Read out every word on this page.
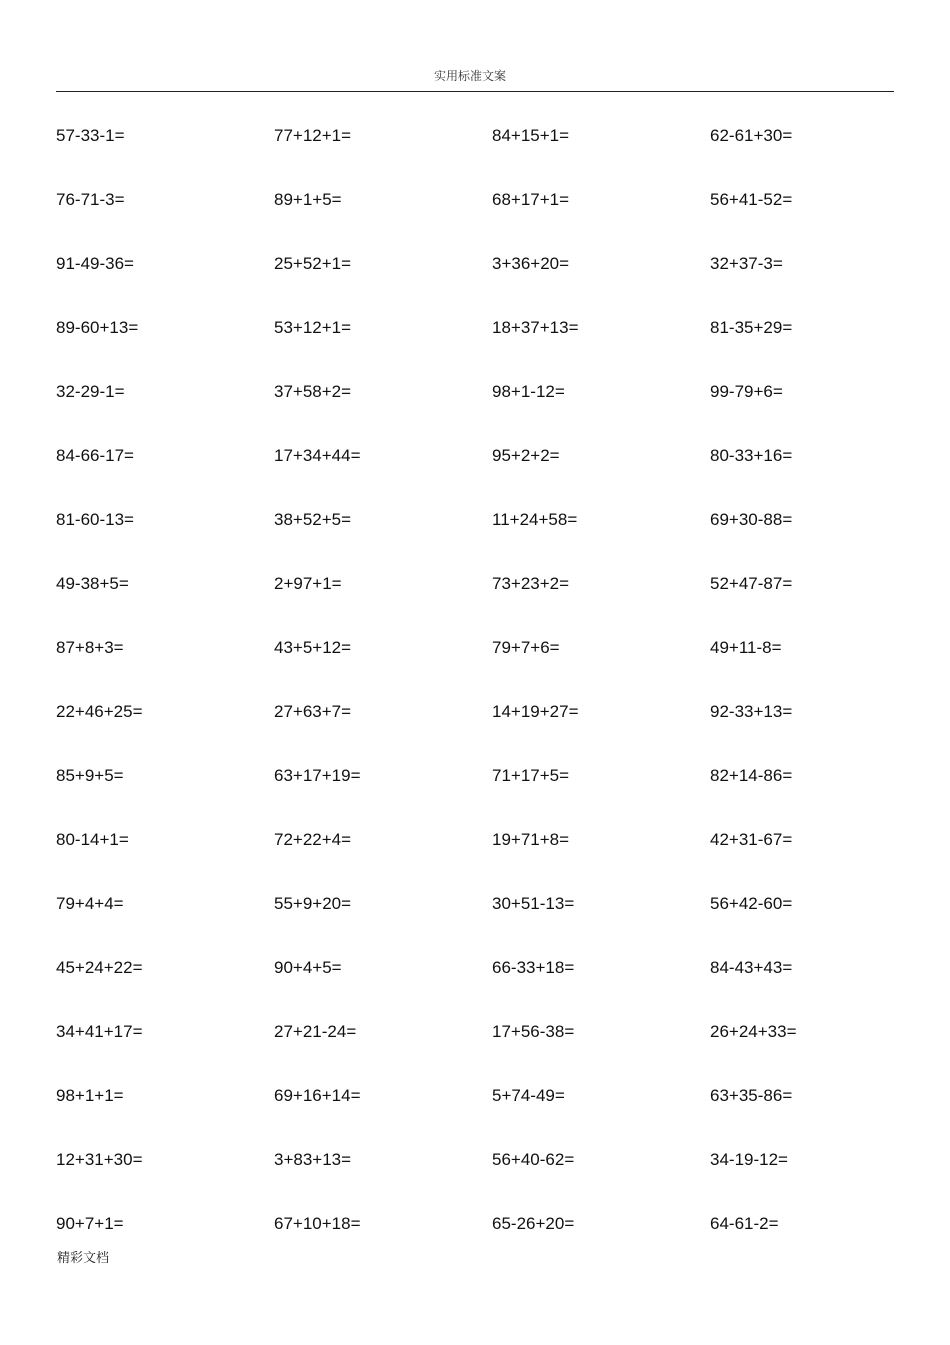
实用标准文案
57-33-1=	77+12+1=	84+15+1=	62-61+30=
76-71-3=	89+1+5=	68+17+1=	56+41-52=
91-49-36=	25+52+1=	3+36+20=	32+37-3=
89-60+13=	53+12+1=	18+37+13=	81-35+29=
32-29-1=	37+58+2=	98+1-12=	99-79+6=
84-66-17=	17+34+44=	95+2+2=	80-33+16=
81-60-13=	38+52+5=	11+24+58=	69+30-88=
49-38+5=	2+97+1=	73+23+2=	52+47-87=
87+8+3=	43+5+12=	79+7+6=	49+11-8=
22+46+25=	27+63+7=	14+19+27=	92-33+13=
85+9+5=	63+17+19=	71+17+5=	82+14-86=
80-14+1=	72+22+4=	19+71+8=	42+31-67=
79+4+4=	55+9+20=	30+51-13=	56+42-60=
45+24+22=	90+4+5=	66-33+18=	84-43+43=
34+41+17=	27+21-24=	17+56-38=	26+24+33=
98+1+1=	69+16+14=	5+74-49=	63+35-86=
12+31+30=	3+83+13=	56+40-62=	34-19-12=
90+7+1=	67+10+18=	65-26+20=	64-61-2=
精彩文档
